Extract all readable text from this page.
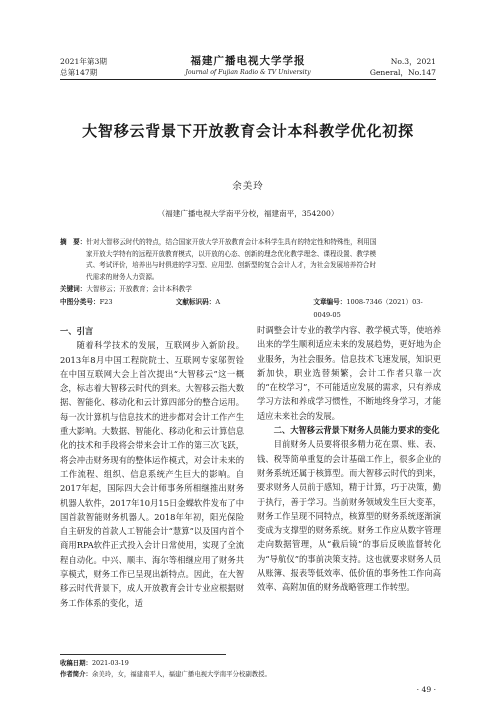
2021年第3期
总第147期
福建广播电视大学学报
Journal of Fujian Radio & TV University
No.3，2021
General，No.147
大智移云背景下开放教育会计本科教学优化初探
余美玲
（福建广播电视大学南平分校，福建南平，354200）
摘　要：针对大智移云时代的特点，结合国家开放大学开放教育会计本科学生具有的特定性和特殊性，利用国
家开放大学特有的远程开放教育模式，以开放的心态、创新的理念优化教学理念、课程设置、教学模
式、考试评价，培养出与时俱进的学习型、应用型、创新型的复合会计人才，为社会发展培养符合时
代需求的财务人力资源。
关键词： 大智移云；开放教育；会计本科教学
中图分类号：F23	文献标识码：A	文章编号：1008-7346（2021）03-0049-05

一、引言

随着科学技术的发展，互联网步入新阶段。2013年8月中国工程院院士、互联网专家邬贺铨在中国互联网大会上首次提出“大智移云”这一概念，标志着大智移云时代的到来。大智移云指大数据、智能化、移动化和云计算四部分的整合运用。每一次计算机与信息技术的进步都对会计工作产生重大影响。大数据、智能化、移动化和云计算信息化的技术和手段将会带来会计工作的第三次飞跃，将会冲击财务现有的整体运作模式，对会计未来的工作流程、组织、信息系统产生巨大的影响。自2017年起，国际四大会计师事务所相继推出财务机器人软件，2017年10月15日金蝶软件发布了中国首款智能财务机器人。2018年年初，阳光保险自主研发的首款人工智能会计“慧算”以及国内首个商用RPA软件正式投入会计日常使用，实现了全流程自动化。中兴、顺丰、海尔等相继应用了财务共享模式，财务工作已呈现出新特点。因此，在大智移云时代背景下，成人开放教育会计专业应根据财务工作体系的变化，适

时调整会计专业的教学内容、教学模式等，使培养出来的学生顺利适应未来的发展趋势，更好地为企业服务，为社会服务。信息技术飞速发展，知识更新加快，职业选替频繁，会计工作者只靠一次的“在校学习”，不可能适应发展的需求，只有养成学习方法和养成学习惯性，不断地终身学习，才能适应未来社会的发展。

二、大智移云背景下财务人员能力要求的变化

目前财务人员要将很多精力花在票、账、表、钱、税等简单重复的会计基础工作上，很多企业的财务系统还属于核算型。而大智移云时代的到来，要求财务人员前于感知，精于计算，巧于决策，勤于执行，善于学习。当前财务领域发生巨大变革，财务工作呈现不同特点，核算型的财务系统逐渐演变成为支撑型的财务系统。财务工作应从数字管理走向数据管理，从“截后镜”的事后反映监督转化为“导航仪”的事前决策支持。这也就要求财务人员从账簿、报表等低效率、低价值的事务性工作向高效率、高附加值的财务战略管理工作转型。

收稿日期：2021-03-19
作者简介：余美玲，女，福建南平人，福建广播电视大学南平分校副教授。
· 49 ·
